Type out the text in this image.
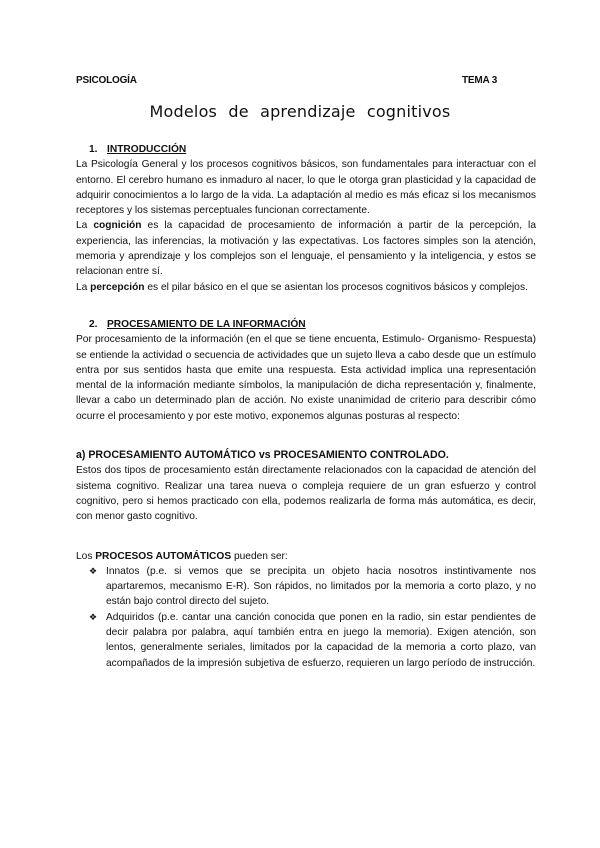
PSICOLOGÍA	TEMA 3
Modelos de aprendizaje cognitivos
1. INTRODUCCIÓN

La Psicología General y los procesos cognitivos básicos, son fundamentales para interactuar con el entorno. El cerebro humano es inmaduro al nacer, lo que le otorga gran plasticidad y la capacidad de adquirir conocimientos a lo largo de la vida. La adaptación al medio es más eficaz si los mecanismos receptores y los sistemas perceptuales funcionan correctamente.

La cognición es la capacidad de procesamiento de información a partir de la percepción, la experiencia, las inferencias, la motivación y las expectativas. Los factores simples son la atención, memoria y aprendizaje y los complejos son el lenguaje, el pensamiento y la inteligencia, y estos se relacionan entre sí.

La percepción es el pilar básico en el que se asientan los procesos cognitivos básicos y complejos.

2. PROCESAMIENTO DE LA INFORMACIÓN

Por procesamiento de la información (en el que se tiene encuenta, Estimulo- Organismo- Respuesta) se entiende la actividad o secuencia de actividades que un sujeto lleva a cabo desde que un estímulo entra por sus sentidos hasta que emite una respuesta. Esta actividad implica una representación mental de la información mediante símbolos, la manipulación de dicha representación y, finalmente, llevar a cabo un determinado plan de acción. No existe unanimidad de criterio para describir cómo ocurre el procesamiento y por este motivo, exponemos algunas posturas al respecto:

a) PROCESAMIENTO AUTOMÁTICO vs PROCESAMIENTO CONTROLADO.

Estos dos tipos de procesamiento están directamente relacionados con la capacidad de atención del sistema cognitivo. Realizar una tarea nueva o compleja requiere de un gran esfuerzo y control cognitivo, pero si hemos practicado con ella, podemos realizarla de forma más automática, es decir, con menor gasto cognitivo.

Los PROCESOS AUTOMÁTICOS pueden ser:

❖ Innatos (p.e. si vemos que se precipita un objeto hacia nosotros instintivamente nos apartaremos, mecanismo E-R). Son rápidos, no limitados por la memoria a corto plazo, y no están bajo control directo del sujeto.
❖ Adquiridos (p.e. cantar una canción conocida que ponen en la radio, sin estar pendientes de decir palabra por palabra, aquí también entra en juego la memoria). Exigen atención, son lentos, generalmente seriales, limitados por la capacidad de la memoria a corto plazo, van acompañados de la impresión subjetiva de esfuerzo, requieren un largo período de instrucción.
